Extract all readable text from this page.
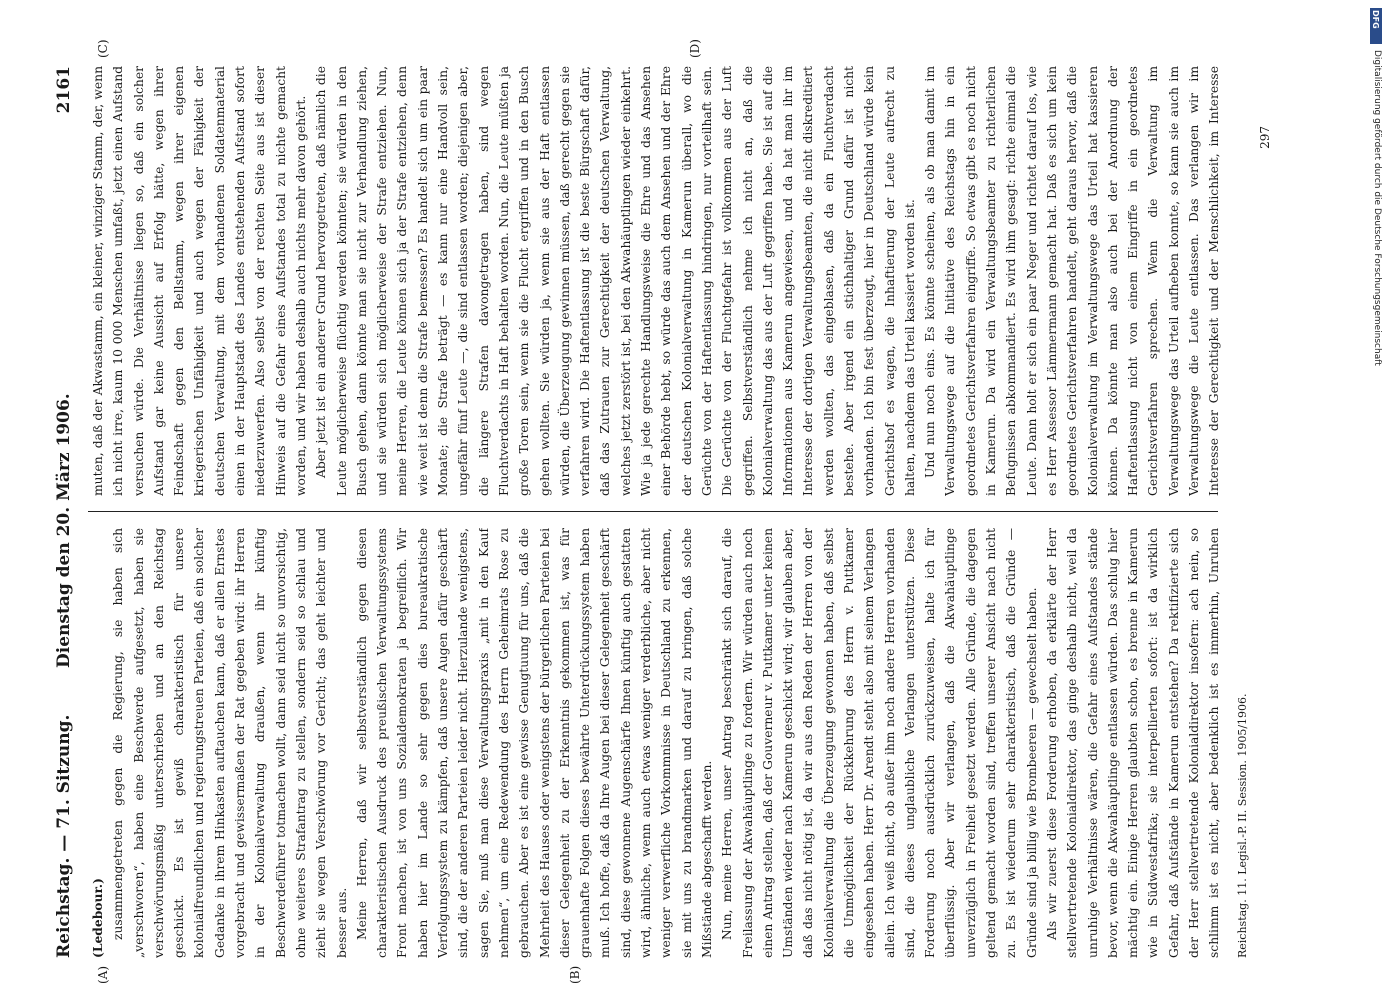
Reichstag. — 71. Sitzung.
Dienstag den 20. März 1906.
2161
(A)	(B)
(C)	(D)
(Ledebour.) zusammengetreten gegen die Regierung, sie haben sich „verschworen“, haben eine Beschwerde aufgesetzt, haben sie verschwörungsmäßig unterschrieben und an den Reichstag geschickt. Es ist gewiß charakteristisch für unsere kolonialfreundlichen und regierungstreuen Parteien, daß ein solcher Gedanke in ihrem Hinkasten auftauchen kann, daß er allen Ernstes vorgebracht und gewissermaßen der Rat gegeben wird: ihr Herren in der Kolonialverwaltung draußen, wenn ihr künftig Beschwerdeführer totmachen wollt, dann seid nicht so unvorsichtig, ohne weiteres Strafantrag zu stellen, sondern seid so schlau und zieht sie wegen Verschwörung vor Gericht; das geht leichter und besser aus. Meine Herren, daß wir selbstverständlich gegen diesen charakteristischen Ausdruck des preußischen Verwaltungssystems Front machen, ist von uns Sozialdemokraten ja begreiflich. Wir haben hier im Lande so sehr gegen dies bureaukratische Verfolgungssystem zu kämpfen, daß unsere Augen dafür geschärft sind, die der anderen Parteien leider nicht. Hierzulande wenigstens, sagen Sie, muß man diese Verwaltungspraxis „mit in den Kauf nehmen“, um eine Redewendung des Herrn Geheimrats Rose zu gebrauchen. Aber es ist eine gewisse Genugtuung für uns, daß die Mehrheit des Hauses oder wenigstens der bürgerlichen Parteien bei dieser Gelegenheit zu der Erkenntnis gekommen ist, was für grauenhafte Folgen dieses bewährte Unterdrückungssystem haben muß. Ich hoffe, daß da Ihre Augen bei dieser Gelegenheit geschärft sind, diese gewonnene Augenschärfe Ihnen künftig auch gestatten wird, ähnliche, wenn auch etwas weniger verderbliche, aber nicht weniger verwerfliche Vorkommnisse in Deutschland zu erkennen, sie mit uns zu brandmarken und darauf zu bringen, daß solche Mißstände abgeschafft werden. Nun, meine Herren, unser Antrag beschränkt sich darauf, die Freilassung der Akwahäuptlinge zu fordern. Wir würden auch noch einen Antrag stellen, daß der Gouverneur v. Puttkamer unter keinen Umständen wieder nach Kamerun geschickt wird; wir glauben aber, daß das nicht nötig ist, da wir aus den Reden der Herren von der Kolonialverwaltung die Überzeugung gewonnen haben, daß selbst die Unmöglichkeit der Rückkehrung des Herrn v. Puttkamer eingesehen haben. Herr Dr. Arendt steht also mit seinem Verlangen allein. Ich weiß nicht, ob außer ihm noch andere Herren vorhanden sind, die dieses unglaubliche Verlangen unterstützen. Diese Forderung noch ausdrücklich zurückzuweisen, halte ich für überflüssig. Aber wir verlangen, daß die Akwahäuptlinge unverzüglich in Freiheit gesetzt werden. Alle Gründe, die dagegen geltend gemacht worden sind, treffen unserer Ansicht nach nicht zu. Es ist wiederum sehr charakteristisch, daß die Gründe — Gründe sind ja billig wie Brombeeren — gewechselt haben. Als wir zuerst diese Forderung erhoben, da erklärte der Herr stellvertretende Kolonialdirektor, das ginge deshalb nicht, weil da unruhige Verhältnisse wären, die Gefahr eines Aufstandes stände bevor, wenn die Akwahäuptlinge entlassen würden. Das schlug hier mächtig ein. Einige Herren glaubten schon, es brenne in Kamerun wie in Südwestafrika; sie interpellierten sofort: ist da wirklich Gefahr, daß Aufstände in Kamerun entstehen? Da rektifizierte sich der Herr stellvertretende Kolonialdirektor insofern: ach nein, so schlimm ist es nicht, aber bedenklich ist es immerhin, Unruhen

muten, daß der Akwastamm, ein kleiner, winziger Stamm, der, wenn ich nicht irre, kaum 10 000 Menschen umfaßt, jetzt einen Aufstand versuchen würde. Die Verhältnisse liegen so, daß ein solcher Aufstand gar keine Aussicht auf Erfolg hätte, wegen ihrer Feindschaft gegen den Bellstamm, wegen ihrer eigenen kriegerischen Unfähigkeit und auch wegen der Fähigkeit der deutschen Verwaltung, mit dem vorhandenen Soldatenmaterial einen in der Hauptstadt des Landes entstehenden Aufstand sofort niederzuwerfen. Also selbst von der rechten Seite aus ist dieser Hinweis auf die Gefahr eines Aufstandes total zu nichte gemacht worden, und wir haben deshalb auch nichts mehr davon gehört. Aber jetzt ist ein anderer Grund hervorgetreten, daß nämlich die Leute möglicherweise flüchtig werden könnten; sie würden in den Busch gehen, dann könnte man sie nicht zur Verhandlung ziehen, und sie würden sich möglicherweise der Strafe entziehen. Nun, meine Herren, die Leute können sich ja der Strafe entziehen, denn wie weit ist denn die Strafe bemessen? Es handelt sich um ein paar Monate; die Strafe beträgt — es kann nur eine Handvoll sein, ungefähr fünf Leute —, die sind entlassen worden; diejenigen aber, die längere Strafen davongetragen haben, sind wegen Fluchtverdachts in Haft behalten worden. Nun, die Leute müßten ja große Toren sein, wenn sie die Flucht ergriffen und in den Busch gehen wollten. Sie würden ja, wenn sie aus der Haft entlassen würden, die Überzeugung gewinnen müssen, daß gerecht gegen sie verfahren wird. Die Haftentlassung ist die beste Bürgschaft dafür, daß das Zutrauen zur Gerechtigkeit der deutschen Verwaltung, welches jetzt zerstört ist, bei den Akwahäuptlingen wieder einkehrt. Wie ja jede gerechte Handlungsweise die Ehre und das Ansehen einer Behörde hebt, so würde das auch dem Ansehen und der Ehre der deutschen Kolonialverwaltung in Kamerun überall, wo die Gerüchte von der Haftentlassung hindringen, nur vorteilhaft sein. Die Gerüchte von der Fluchtgefahr ist vollkommen aus der Luft gegriffen. Selbstverständlich nehme ich nicht an, daß die Kolonialverwaltung das aus der Luft gegriffen habe. Sie ist auf die Informationen aus Kamerun angewiesen, und da hat man ihr im Interesse der dortigen Verwaltungsbeamten, die nicht diskreditiert werden wollten, das eingeblasen, daß da ein Fluchtverdacht bestehe. Aber irgend ein stichhaltiger Grund dafür ist nicht vorhanden. Ich bin fest überzeugt, hier in Deutschland würde kein Gerichtshof es wagen, die Inhaftierung der Leute aufrecht zu halten, nachdem das Urteil kassiert worden ist. Und nun noch eins. Es könnte scheinen, als ob man damit im Verwaltungswege auf die Initiative des Reichstags hin in ein geordnetes Gerichtsverfahren eingriffe. So etwas gibt es noch nicht in Kamerun. Da wird ein Verwaltungsbeamter zu richterlichen Befugnissen abkommandiert. Es wird ihm gesagt: richte einmal die Leute. Dann holt er sich ein paar Neger und richtet darauf los, wie es Herr Assessor Lämmermann gemacht hat. Daß es sich um kein geordnetes Gerichtsverfahren handelt, geht daraus hervor, daß die Kolonialverwaltung im Verwaltungswege das Urteil hat kassieren können. Da könnte man also auch bei der Anordnung der Haftentlassung nicht von einem Eingriffe in ein geordnetes Gerichtsverfahren sprechen. Wenn die Verwaltung im Verwaltungswege das Urteil aufheben konnte, so kann sie auch im Verwaltungswege die Leute entlassen. Das verlangen wir im Interesse der Gerechtigkeit und der Menschlichkeit, im Interesse

Reichstag. 11. Legisl.-P. II. Session. 1905/1906.
297
DFG
Digitalisierung gefördert durch die Deutsche Forschungsgemeinschaft
